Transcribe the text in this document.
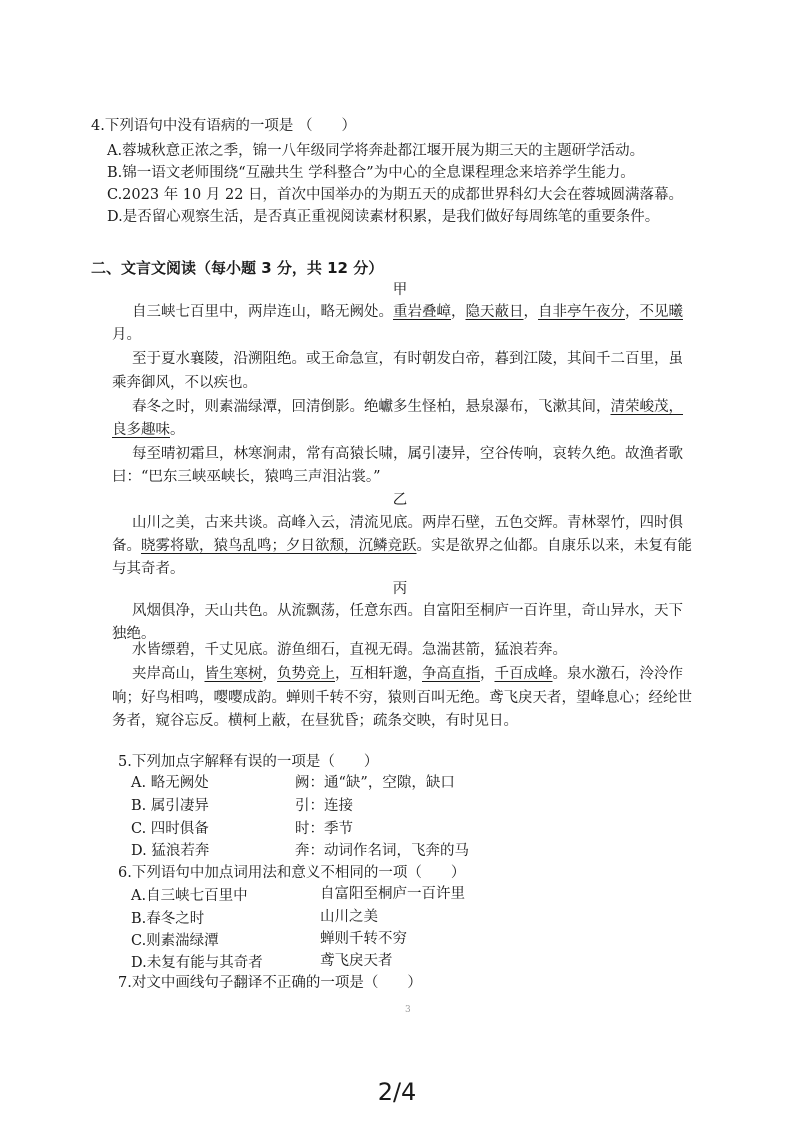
4.下列语句中没有语病的一项是 （　　）
A.蓉城秋意正浓之季，锦一八年级同学将奔赴都江堰开展为期三天的主题研学活动。
B.锦一语文老师围绕“互融共生 学科整合”为中心的全息课程理念来培养学生能力。
C.2023 年 10 月 22 日，首次中国举办的为期五天的成都世界科幻大会在蓉城圆满落幕。
D.是否留心观察生活，是否真正重视阅读素材积累，是我们做好每周练笔的重要条件。
二、文言文阅读（每小题 3 分，共 12 分）
甲
自三峡七百里中，两岸连山，略无阙处。重岩叠嶂，隐天蔽日，自非亭午夜分，不见曦
月。
至于夏水襄陵，沿溯阻绝。或王命急宣，有时朝发白帝，暮到江陵，其间千二百里，虽
乘奔御风，不以疾也。
春冬之时，则素湍绿潭，回清倒影。绝巘多生怪柏，悬泉瀑布，飞漱其间，清荣峻茂，
良多趣味。
每至晴初霜旦，林寒涧肃，常有高猿长啸，属引凄异，空谷传响，哀转久绝。故渔者歌
曰：“巴东三峡巫峡长，猿鸣三声泪沾裳。”
乙
山川之美，古来共谈。高峰入云，清流见底。两岸石壁，五色交辉。青林翠竹，四时俱
备。晓雾将歇，猿鸟乱鸣；夕日欲颓，沉鳞竞跃。实是欲界之仙都。自康乐以来，未复有能
与其奇者。
丙
风烟俱净，天山共色。从流飘荡，任意东西。自富阳至桐庐一百许里，奇山异水，天下
独绝。
水皆缥碧，千丈见底。游鱼细石，直视无碍。急湍甚箭，猛浪若奔。
夹岸高山，皆生寒树，负势竞上，互相轩邈，争高直指，千百成峰。泉水激石，泠泠作
响；好鸟相鸣，嘤嘤成韵。蝉则千转不穷，猿则百叫无绝。鸢飞戾天者，望峰息心；经纶世
务者，窥谷忘反。横柯上蔽，在昼犹昏；疏条交映，有时见日。
5.下列加点字解释有误的一项是（　　）
A. 略无阙处	阙：通“缺”，空隙，缺口
B. 属引凄异	引：连接
C. 四时俱备	时：季节
D. 猛浪若奔	奔：动词作名词，飞奔的马
6.下列语句中加点词用法和意义不相同的一项（　　）
A.自三峡七百里中	自富阳至桐庐一百许里
B.春冬之时	山川之美
C.则素湍绿潭	蝉则千转不穷
D.未复有能与其奇者	鸢飞戾天者
7.对文中画线句子翻译不正确的一项是（　　）
3
2/4
